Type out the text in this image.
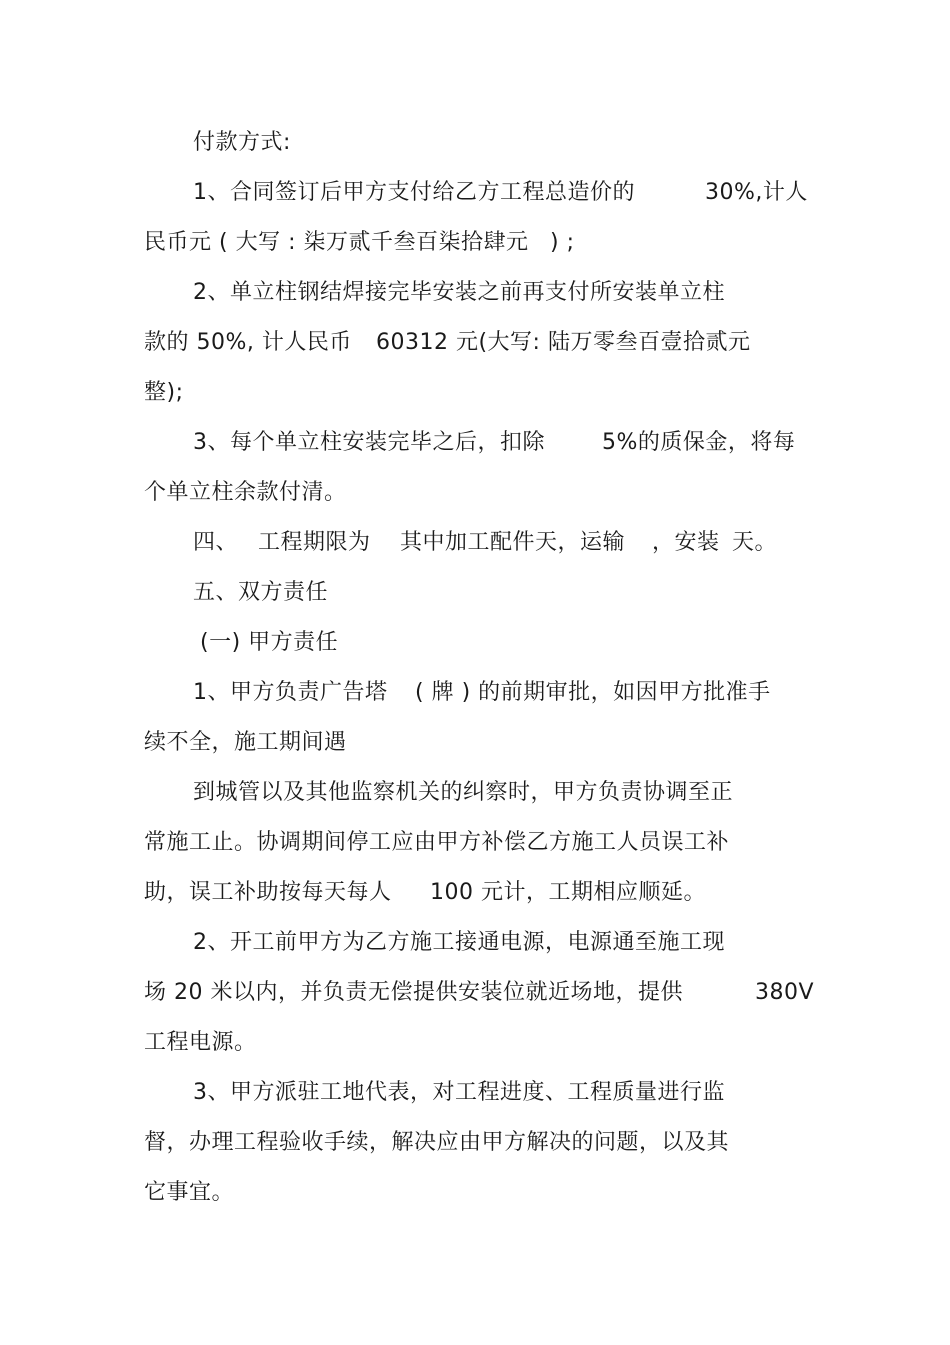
付款方式:
1、合同签订后甲方支付给乙方工程总造价的	30%,计人
民币元 ( 大写 : 柒万贰千叁百柒拾肆元 ) ;
2、单立柱钢结焊接完毕安装之前再支付所安装单立柱
款的 50%, 计人民币 60312 元(大写: 陆万零叁百壹拾贰元
整);
3、每个单立柱安装完毕之后，扣除	5%的质保金，将每
个单立柱余款付清。
四、 工程期限为 其中加工配件天，运输 ，安装 天。
五、双方责任
(一) 甲方责任
1、甲方负责广告塔 ( 牌 ) 的前期审批，如因甲方批准手
续不全，施工期间遇
到城管以及其他监察机关的纠察时，甲方负责协调至正
常施工止。协调期间停工应由甲方补偿乙方施工人员误工补
助，误工补助按每天每人 100 元计，工期相应顺延。
2、开工前甲方为乙方施工接通电源，电源通至施工现
场 20 米以内，并负责无偿提供安装位就近场地，提供	380V
工程电源。
3、甲方派驻工地代表，对工程进度、工程质量进行监
督，办理工程验收手续，解决应由甲方解决的问题，以及其
它事宜。
